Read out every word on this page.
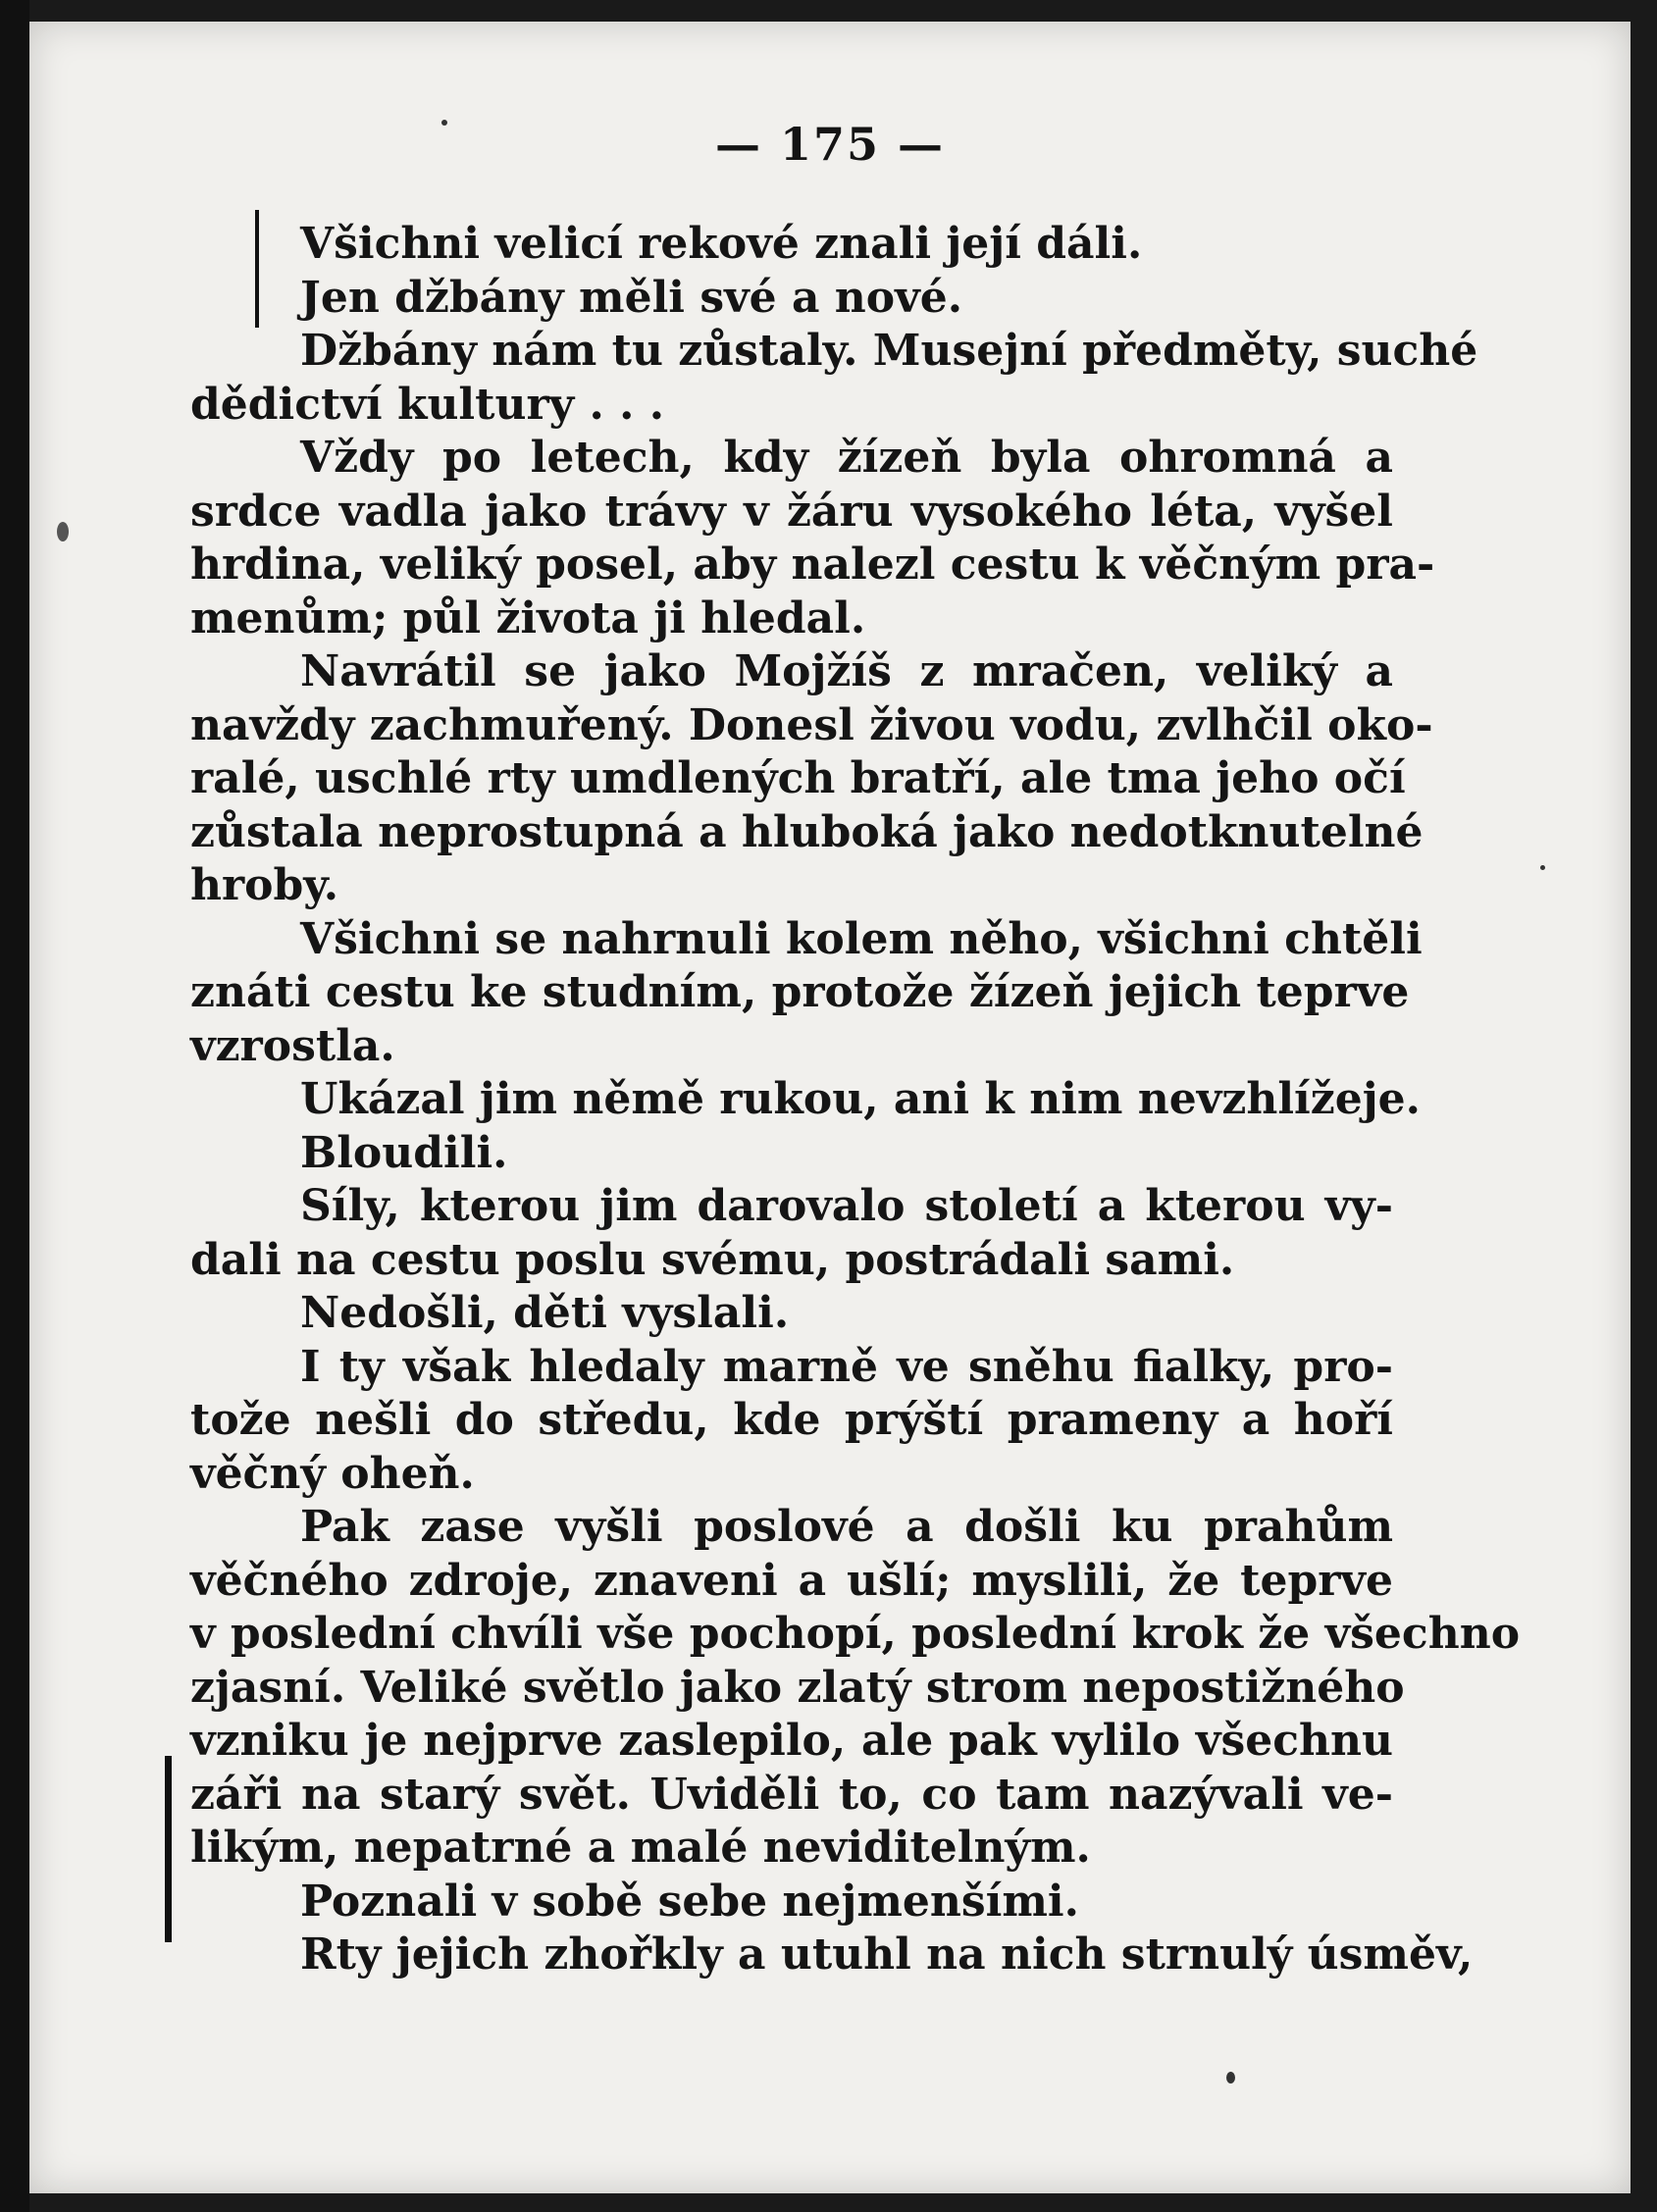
— 175 —
Všichni velicí rekové znali její dáli.
Jen džbány měli své a nové.
Džbány nám tu zůstaly. Musejní předměty, suché
dědictví kultury . . .
Vždy po letech, kdy žízeň byla ohromná a
srdce vadla jako trávy v žáru vysokého léta, vyšel
hrdina, veliký posel, aby nalezl cestu k věčným pra-
menům; půl života ji hledal.
Navrátil se jako Mojžíš z mračen, veliký a
navždy zachmuřený. Donesl živou vodu, zvlhčil oko-
ralé, uschlé rty umdlených bratří, ale tma jeho očí
zůstala neprostupná a hluboká jako nedotknutelné
hroby.
Všichni se nahrnuli kolem něho, všichni chtěli
znáti cestu ke studním, protože žízeň jejich teprve
vzrostla.
Ukázal jim němě rukou, ani k nim nevzhlížeje.
Bloudili.
Síly, kterou jim darovalo století a kterou vy-
dali na cestu poslu svému, postrádali sami.
Nedošli, děti vyslali.
I ty však hledaly marně ve sněhu fialky, pro-
tože nešli do středu, kde prýští prameny a hoří
věčný oheň.
Pak zase vyšli poslové a došli ku prahům
věčného zdroje, znaveni a ušlí; myslili, že teprve
v poslední chvíli vše pochopí, poslední krok že všechno
zjasní. Veliké světlo jako zlatý strom nepostižného
vzniku je nejprve zaslepilo, ale pak vylilo všechnu
záři na starý svět. Uviděli to, co tam nazývali ve-
likým, nepatrné a malé neviditelným.
Poznali v sobě sebe nejmenšími.
Rty jejich zhořkly a utuhl na nich strnulý úsměv,
